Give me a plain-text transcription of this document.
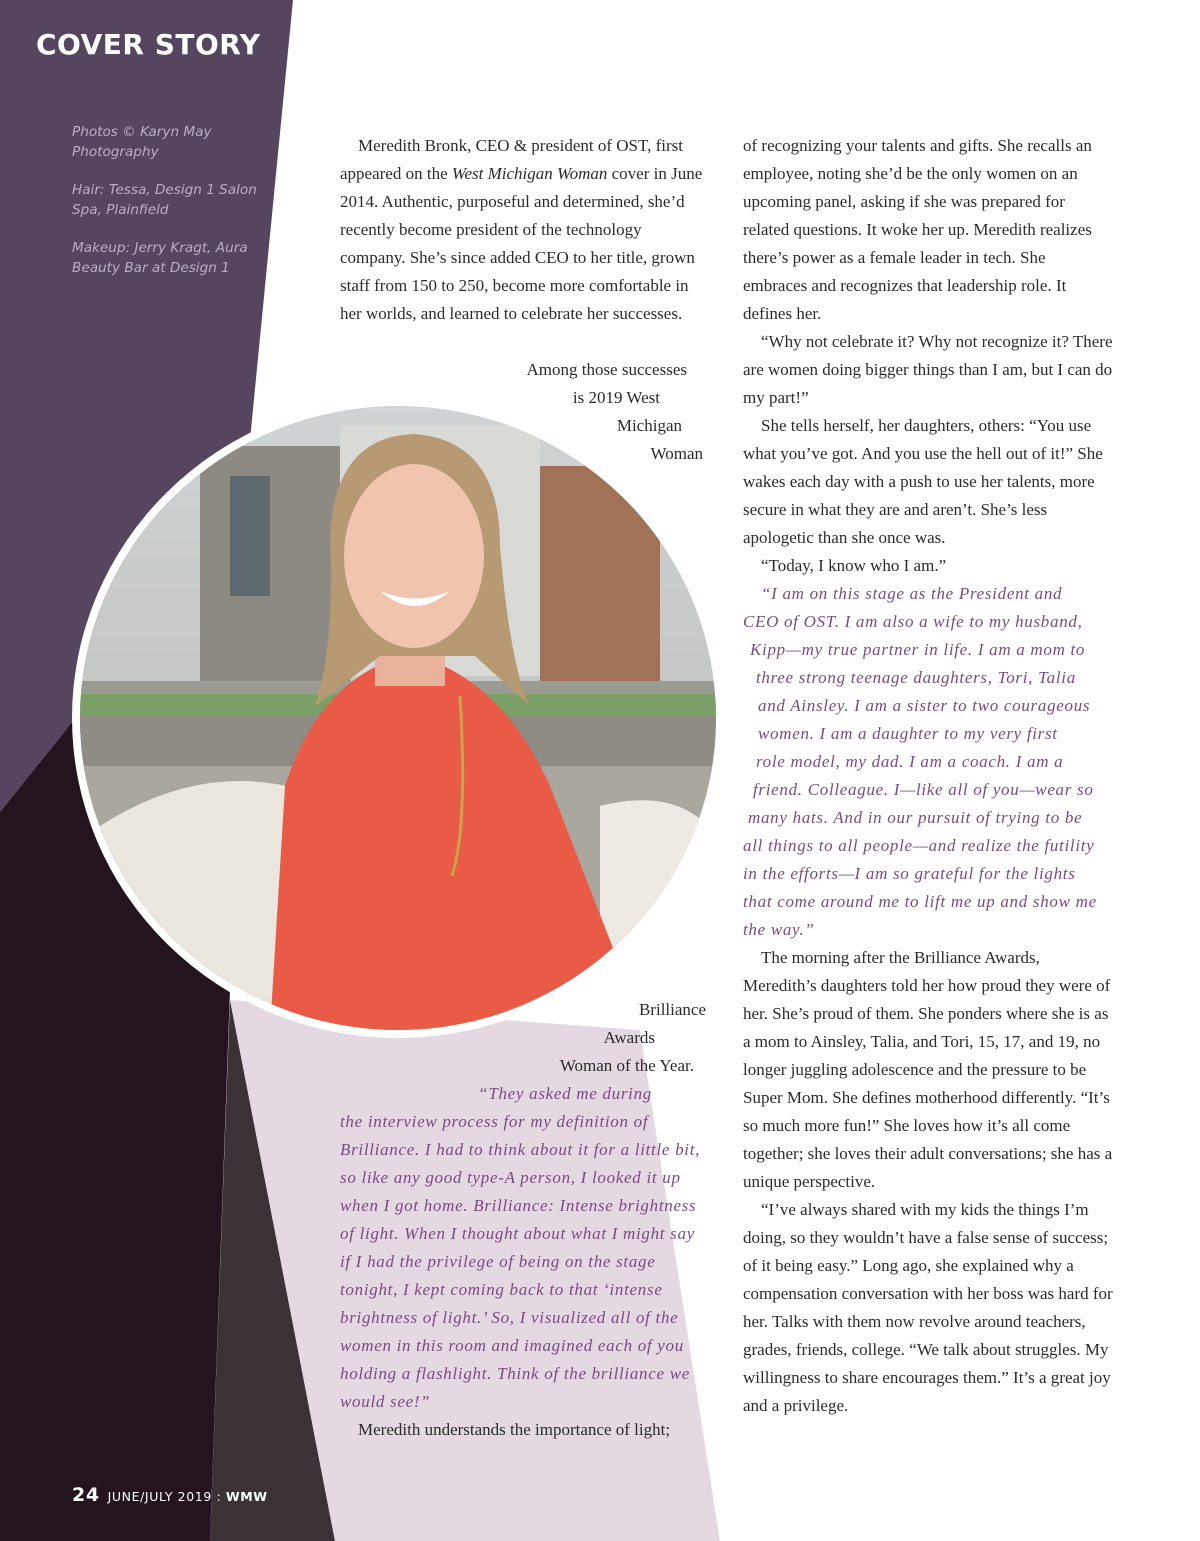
COVER STORY

Photos © Karyn May Photography

Hair: Tessa, Design 1 Salon Spa, Plainfield

Makeup: Jerry Kragt, Aura Beauty Bar at Design 1

Meredith Bronk, CEO & president of OST, first appeared on the West Michigan Woman cover in June 2014. Authentic, purposeful and determined, she’d recently become president of the technology company. She’s since added CEO to her title, grown staff from 150 to 250, become more comfortable in her worlds, and learned to celebrate her successes.

Among those successes
is 2019 West
Michigan
Woman
Brilliance
Awards
Woman of the Year.
“They asked me during

the interview process for my definition of Brilliance. I had to think about it for a little bit, so like any good type-A person, I looked it up when I got home. Brilliance: Intense brightness of light. When I thought about what I might say if I had the privilege of being on the stage tonight, I kept coming back to that ‘intense brightness of light.’ So, I visualized all of the women in this room and imagined each of you holding a flashlight. Think of the brilliance we would see!”

Meredith understands the importance of light;

of recognizing your talents and gifts. She recalls an employee, noting she’d be the only women on an upcoming panel, asking if she was prepared for related questions. It woke her up. Meredith realizes there’s power as a female leader in tech. She embraces and recognizes that leadership role. It defines her.

“Why not celebrate it? Why not recognize it? There are women doing bigger things than I am, but I can do my part!”

She tells herself, her daughters, others: “You use what you’ve got. And you use the hell out of it!” She wakes each day with a push to use her talents, more secure in what they are and aren’t. She’s less apologetic than she once was.

“Today, I know who I am.”

“I am on this stage as the President and
CEO of OST. I am also a wife to my husband,
Kipp—my true partner in life. I am a mom to
three strong teenage daughters, Tori, Talia
and Ainsley. I am a sister to two courageous
women. I am a daughter to my very first
role model, my dad. I am a coach. I am a
friend. Colleague. I—like all of you—wear so
many hats. And in our pursuit of trying to be
all things to all people—and realize the futility
in the efforts—I am so grateful for the lights
that come around me to lift me up and show me
the way.”

The morning after the Brilliance Awards, Meredith’s daughters told her how proud they were of her. She’s proud of them. She ponders where she is as a mom to Ainsley, Talia, and Tori, 15, 17, and 19, no longer juggling adolescence and the pressure to be Super Mom. She defines motherhood differently. “It’s so much more fun!” She loves how it’s all come together; she loves their adult conversations; she has a unique perspective.

“I’ve always shared with my kids the things I’m doing, so they wouldn’t have a false sense of success; of it being easy.” Long ago, she explained why a compensation conversation with her boss was hard for her. Talks with them now revolve around teachers, grades, friends, college. “We talk about struggles. My willingness to share encourages them.” It’s a great joy and a privilege.

24 JUNE/JULY 2019 : WMW
